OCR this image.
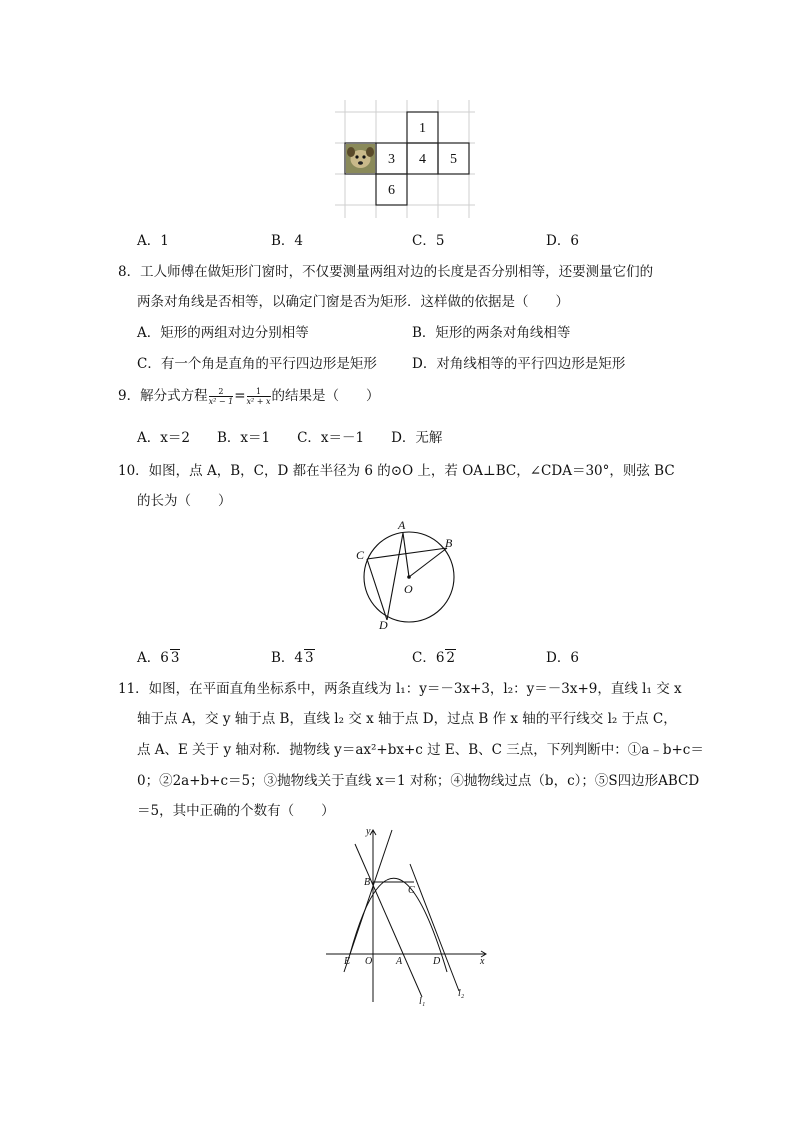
1
3 4 5
6
A．1	B．4	C．5	D．6
8．工人师傅在做矩形门窗时，不仅要测量两组对边的长度是否分别相等，还要测量它们的
两条对角线是否相等，以确定门窗是否为矩形．这样做的依据是（　　）
A．矩形的两组对边分别相等	B．矩形的两条对角线相等
C．有一个角是直角的平行四边形是矩形	D．对角线相等的平行四边形是矩形
9．解分式方程 $\frac{2}{\text{x² − 1}} = \frac{1}{\text{x² + x}}$ 的结果是（　　）
A．x＝2　　B．x＝1　　C．x＝－1　　D．无解
10．如图，点 A，B，C，D 都在半径为 6 的⊙O 上，若 OA⊥BC，∠CDA＝30°，则弦 BC
的长为（　　）
A
B
C
D
O
A．6 3	B．4 3	C．6 2	D．6
11．如图，在平面直角坐标系中，两条直线为 l₁：y＝－3x+3，l₂：y＝－3x+9，直线 l₁ 交 x
轴于点 A，交 y 轴于点 B，直线 l₂ 交 x 轴于点 D，过点 B 作 x 轴的平行线交 l₂ 于点 C，
点 A、E 关于 y 轴对称．抛物线 y＝ax²+bx+c 过 E、B、C 三点，下列判断中：①a﹣b+c＝
0；②2a+b+c＝5；③抛物线关于直线 x＝1 对称；④抛物线过点（b，c）；⑤S四边形ABCD
＝5，其中正确的个数有（　　）
y
x
B
C
E O A	D
l₁
l₂
